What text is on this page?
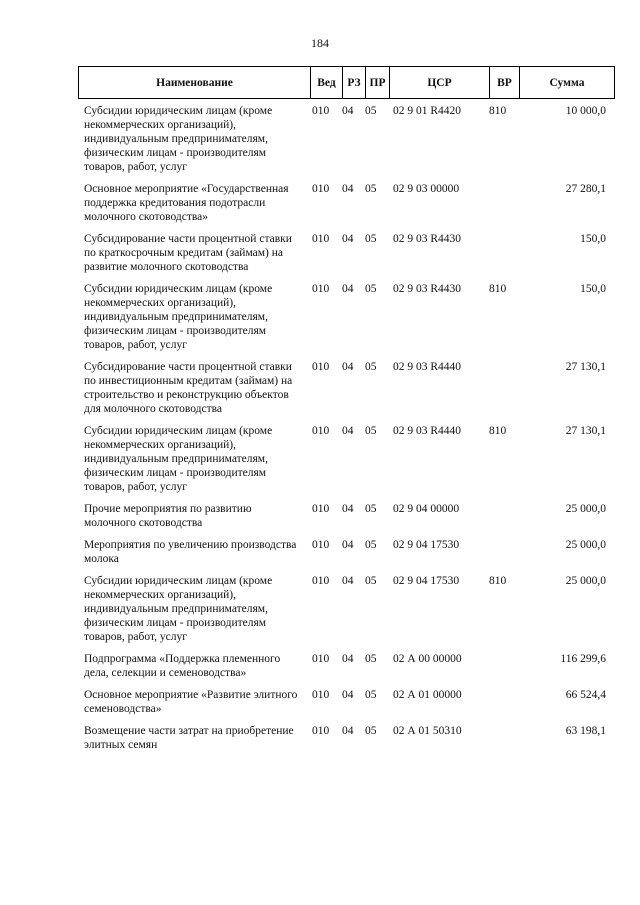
184
Наименование	Вед	РЗ	ПР	ЦСР	ВР	Сумма
Субсидии юридическим лицам (кроме некоммерческих организаций), индивидуальным предпринимателям, физическим лицам - производителям товаров, работ, услуг	010	04	05	02 9 01 R4420	810	10 000,0
Основное мероприятие «Государственная поддержка кредитования подотрасли молочного скотоводства»	010	04	05	02 9 03 00000		27 280,1
Субсидирование части процентной ставки по краткосрочным кредитам (займам) на развитие молочного скотоводства	010	04	05	02 9 03 R4430		150,0
Субсидии юридическим лицам (кроме некоммерческих организаций), индивидуальным предпринимателям, физическим лицам - производителям товаров, работ, услуг	010	04	05	02 9 03 R4430	810	150,0
Субсидирование части процентной ставки по инвестиционным кредитам (займам) на строительство и реконструкцию объектов для молочного скотоводства	010	04	05	02 9 03 R4440		27 130,1
Субсидии юридическим лицам (кроме некоммерческих организаций), индивидуальным предпринимателям, физическим лицам - производителям товаров, работ, услуг	010	04	05	02 9 03 R4440	810	27 130,1
Прочие мероприятия по развитию молочного скотоводства	010	04	05	02 9 04 00000		25 000,0
Мероприятия по увеличению производства молока	010	04	05	02 9 04 17530		25 000,0
Субсидии юридическим лицам (кроме некоммерческих организаций), индивидуальным предпринимателям, физическим лицам - производителям товаров, работ, услуг	010	04	05	02 9 04 17530	810	25 000,0
Подпрограмма «Поддержка племенного дела, селекции и семеноводства»	010	04	05	02 А 00 00000		116 299,6
Основное мероприятие «Развитие элитного семеноводства»	010	04	05	02 А 01 00000		66 524,4
Возмещение части затрат на приобретение элитных семян	010	04	05	02 А 01 50310		63 198,1
